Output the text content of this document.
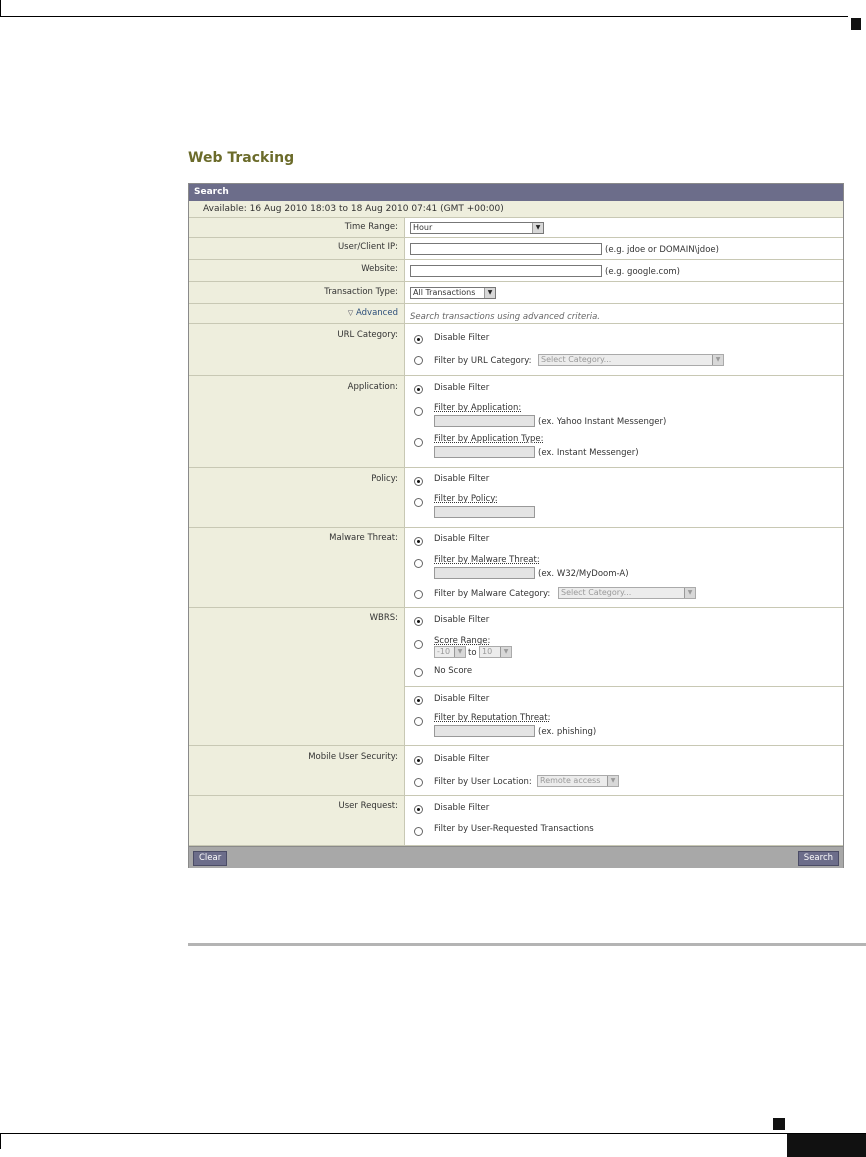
Web Tracking
Search
Available: 16 Aug 2010 18:03 to 18 Aug 2010 07:41 (GMT +00:00)
Time Range:	Hour	▼
User/Client IP:	(e.g. jdoe or DOMAIN\jdoe)
Website:	(e.g. google.com)
Transaction Type:	All Transactions	▼
▽ Advanced	Search transactions using advanced criteria.
URL Category:	Disable Filter
Filter by URL Category:	Select Category...	▼
Application:	Disable Filter
Filter by Application:
(ex. Yahoo Instant Messenger)
Filter by Application Type:
(ex. Instant Messenger)
Policy:	Disable Filter
Filter by Policy:
Malware Threat:	Disable Filter
Filter by Malware Threat:
(ex. W32/MyDoom-A)
Filter by Malware Category:	Select Category...	▼
WBRS:	Disable Filter
Score Range:
-10	▼ to 10	▼
No Score
Disable Filter
Filter by Reputation Threat:
(ex. phishing)
Mobile User Security:	Disable Filter
Filter by User Location:	Remote access	▼
User Request:	Disable Filter
Filter by User-Requested Transactions
Clear	Search
